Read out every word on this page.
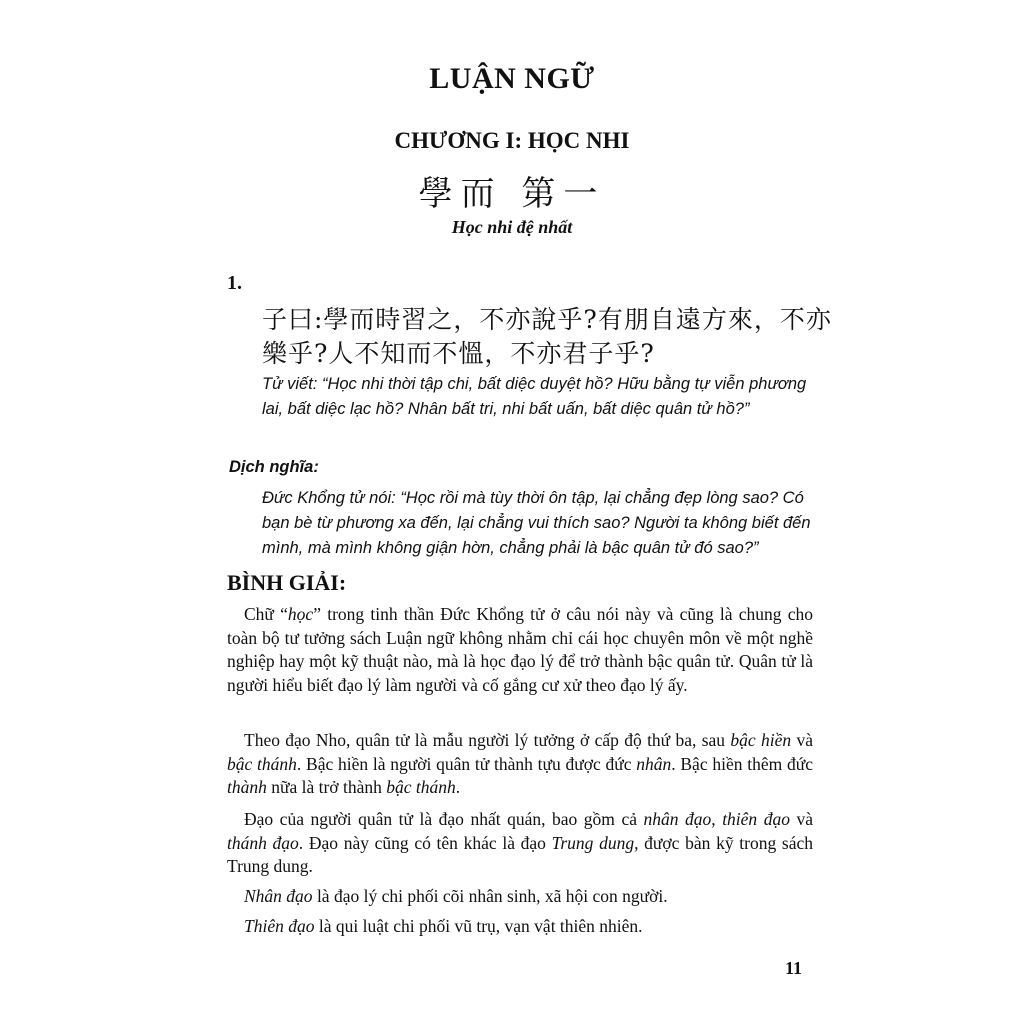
LUẬN NGỮ
CHƯƠNG I: HỌC NHI
學而 第一
Học nhi đệ nhất
1.
子曰:學而時習之，不亦說乎?有朋自遠方來，不亦
樂乎?人不知而不慍，不亦君子乎?
Tử viết: “Học nhi thời tập chi, bất diệc duyệt hồ? Hữu bằng tự viễn phương lai, bất diệc lạc hồ? Nhân bất tri, nhi bất uấn, bất diệc quân tử hồ?”
Dịch nghĩa:
Đức Khổng tử nói: “Học rồi mà tùy thời ôn tập, lại chẳng đẹp lòng sao? Có bạn bè từ phương xa đến, lại chẳng vui thích sao? Người ta không biết đến mình, mà mình không giận hờn, chẳng phải là bậc quân tử đó sao?”
BÌNH GIẢI:
Chữ “học” trong tinh thần Đức Khổng tử ở câu nói này và cũng là chung cho toàn bộ tư tưởng sách Luận ngữ không nhằm chỉ cái học chuyên môn về một nghề nghiệp hay một kỹ thuật nào, mà là học đạo lý để trở thành bậc quân tử. Quân tử là người hiểu biết đạo lý làm người và cố gắng cư xử theo đạo lý ấy.
Theo đạo Nho, quân tử là mẫu người lý tưởng ở cấp độ thứ ba, sau bậc hiền và bậc thánh. Bậc hiền là người quân tử thành tựu được đức nhân. Bậc hiền thêm đức thành nữa là trở thành bậc thánh.
Đạo của người quân tử là đạo nhất quán, bao gồm cả nhân đạo, thiên đạo và thánh đạo. Đạo này cũng có tên khác là đạo Trung dung, được bàn kỹ trong sách Trung dung.
Nhân đạo là đạo lý chi phối cõi nhân sinh, xã hội con người.
Thiên đạo là qui luật chi phối vũ trụ, vạn vật thiên nhiên.
11
